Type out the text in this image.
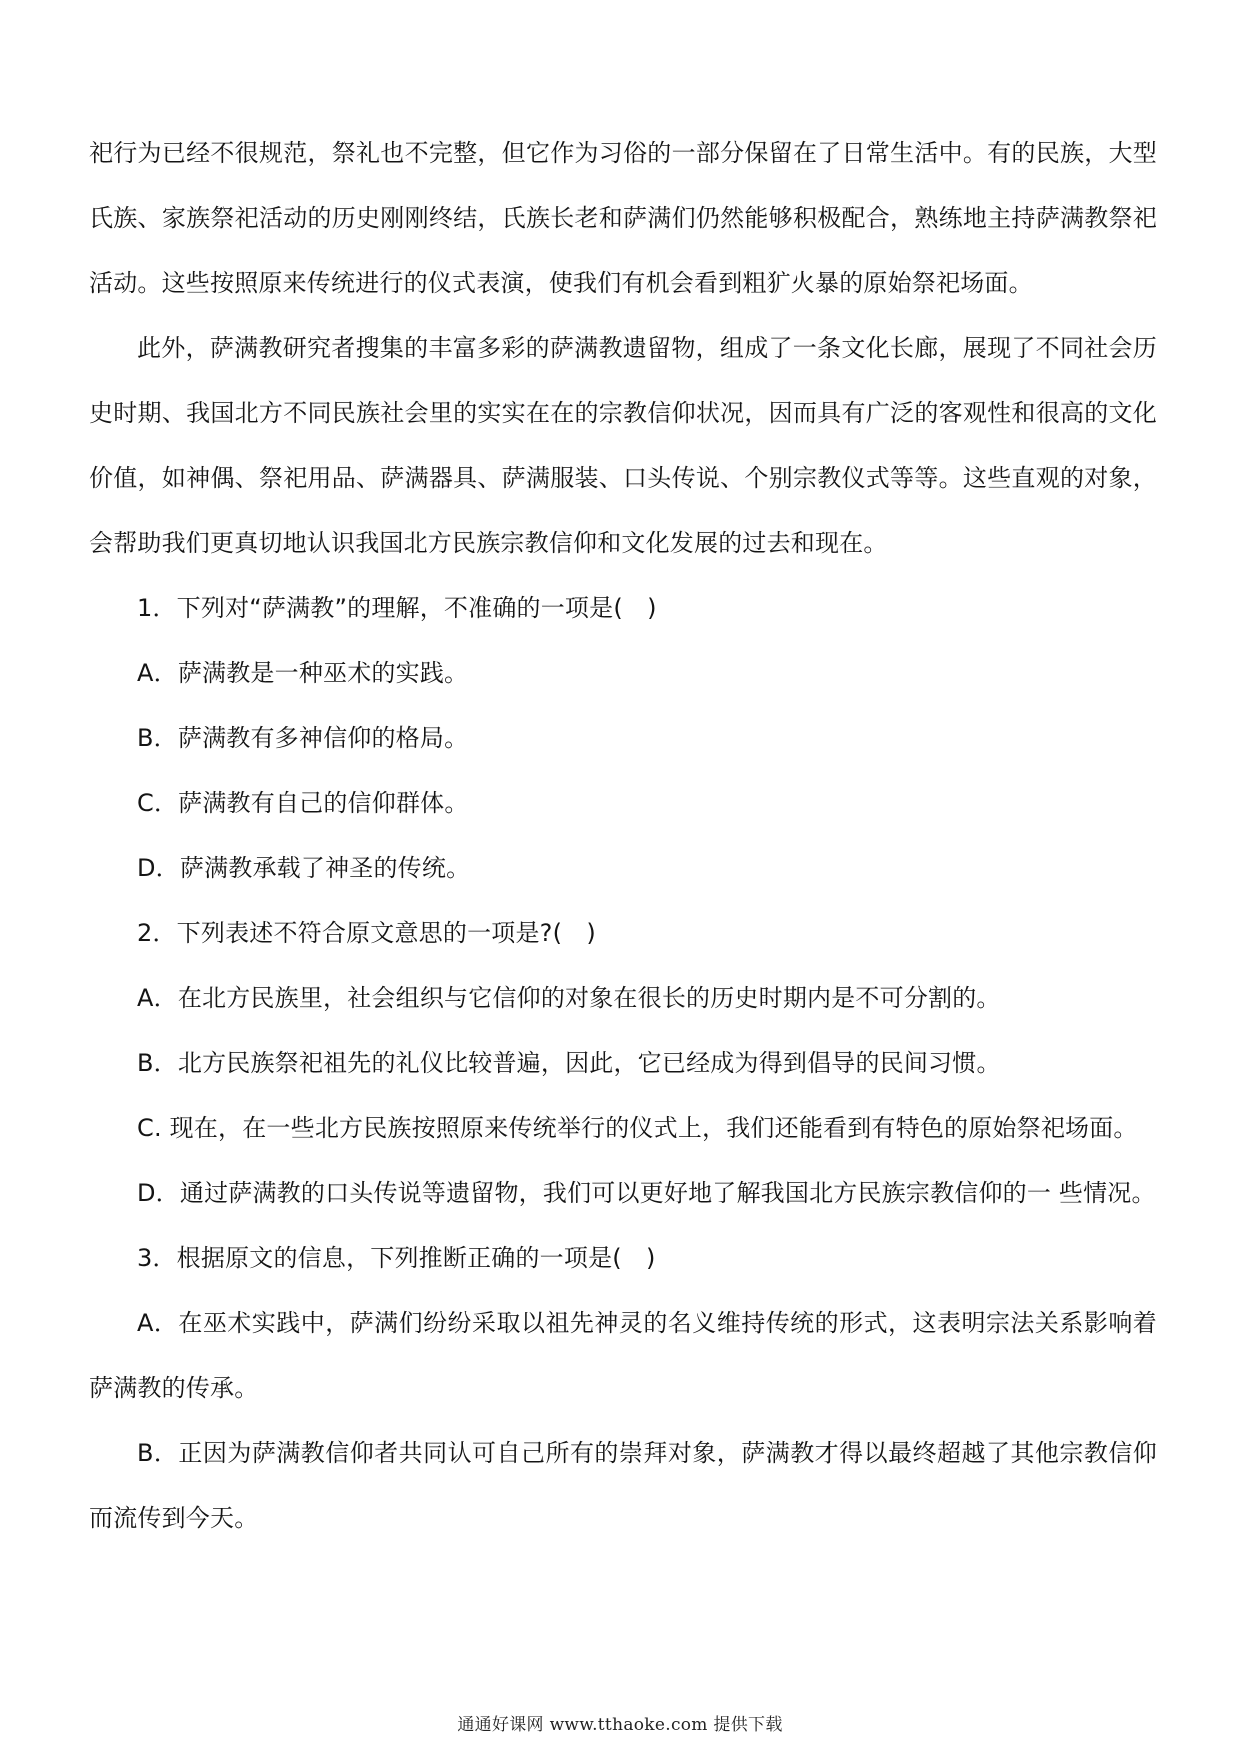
祀行为已经不很规范，祭礼也不完整，但它作为习俗的一部分保留在了日常生活中。有的民族，大型氏族、家族祭祀活动的历史刚刚终结，氏族长老和萨满们仍然能够积极配合，熟练地主持萨满教祭祀活动。这些按照原来传统进行的仪式表演，使我们有机会看到粗犷火暴的原始祭祀场面。

此外，萨满教研究者搜集的丰富多彩的萨满教遗留物，组成了一条文化长廊，展现了不同社会历史时期、我国北方不同民族社会里的实实在在的宗教信仰状况，因而具有广泛的客观性和很高的文化价值，如神偶、祭祀用品、萨满器具、萨满服装、口头传说、个别宗教仪式等等。这些直观的对象，会帮助我们更真切地认识我国北方民族宗教信仰和文化发展的过去和现在。

1．下列对“萨满教”的理解，不准确的一项是(　)

A．萨满教是一种巫术的实践。

B．萨满教有多神信仰的格局。

C．萨满教有自己的信仰群体。

D．萨满教承载了神圣的传统。

2．下列表述不符合原文意思的一项是?(　)

A．在北方民族里，社会组织与它信仰的对象在很长的历史时期内是不可分割的。

B．北方民族祭祀祖先的礼仪比较普遍，因此，它已经成为得到倡导的民间习惯。

C. 现在，在一些北方民族按照原来传统举行的仪式上，我们还能看到有特色的原始祭祀场面。

D．通过萨满教的口头传说等遗留物，我们可以更好地了解我国北方民族宗教信仰的一 些情况。

3．根据原文的信息，下列推断正确的一项是(　)

A．在巫术实践中，萨满们纷纷采取以祖先神灵的名义维持传统的形式，这表明宗法关系影响着萨满教的传承。

B．正因为萨满教信仰者共同认可自己所有的崇拜对象，萨满教才得以最终超越了其他宗教信仰而流传到今天。

通通好课网 www.tthaoke.com 提供下载
